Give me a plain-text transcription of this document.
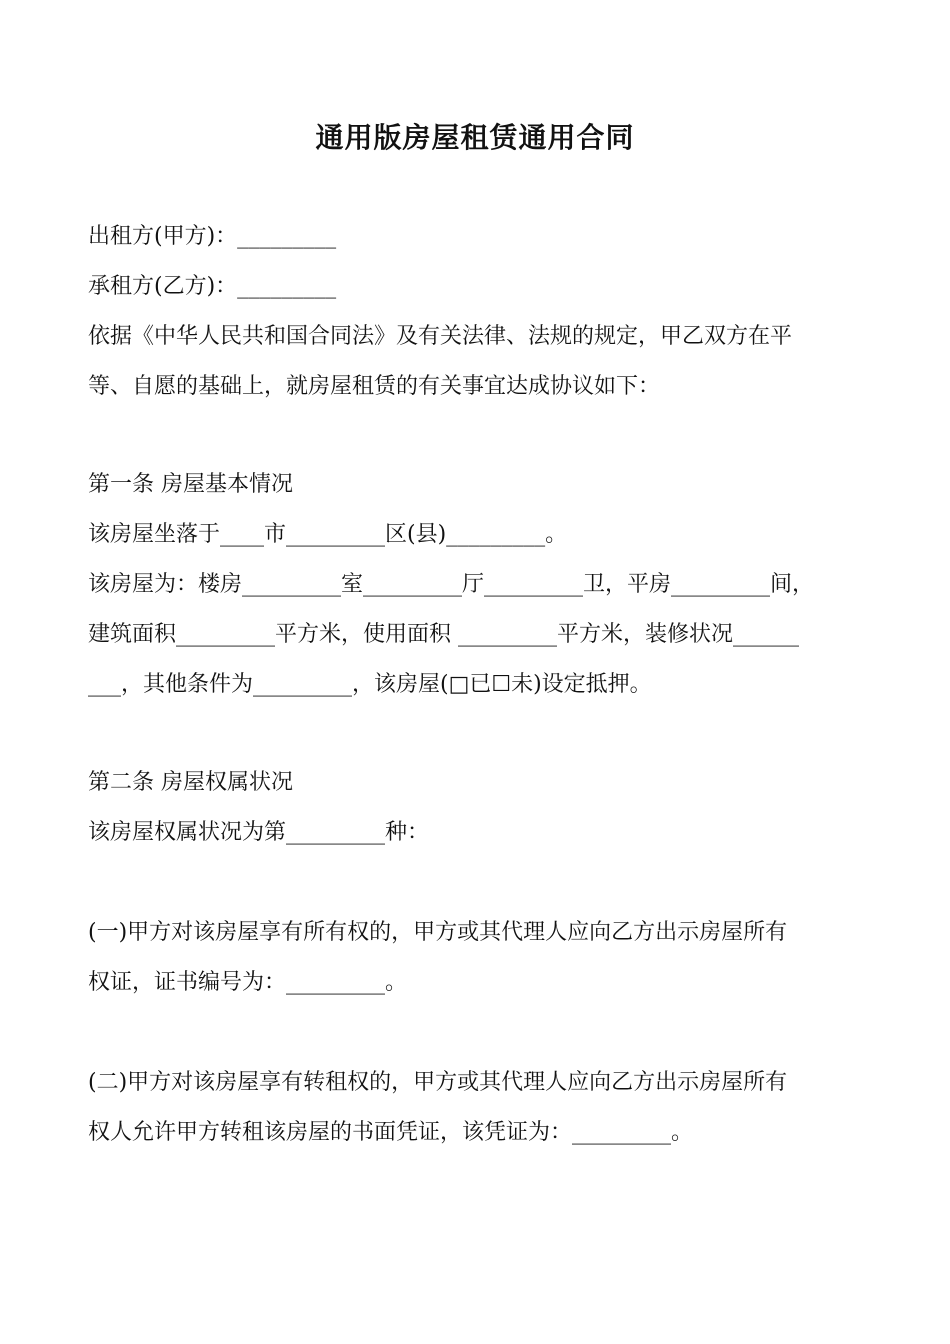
通用版房屋租赁通用合同
出租方(甲方)：_________
承租方(乙方)：_________
依据《中华人民共和国合同法》及有关法律、法规的规定，甲乙双方在平
等、自愿的基础上，就房屋租赁的有关事宜达成协议如下：
第一条 房屋基本情况
该房屋坐落于____市_________区(县)_________。
该房屋为：楼房_________室_________厅_________卫，平房_________间，
建筑面积_________平方米，使用面积 _________平方米，装修状况______
___，其他条件为_________，该房屋(□已☐未)设定抵押。
第二条 房屋权属状况
该房屋权属状况为第_________种：
(一)甲方对该房屋享有所有权的，甲方或其代理人应向乙方出示房屋所有
权证，证书编号为：_________。
(二)甲方对该房屋享有转租权的，甲方或其代理人应向乙方出示房屋所有
权人允许甲方转租该房屋的书面凭证，该凭证为：_________。
